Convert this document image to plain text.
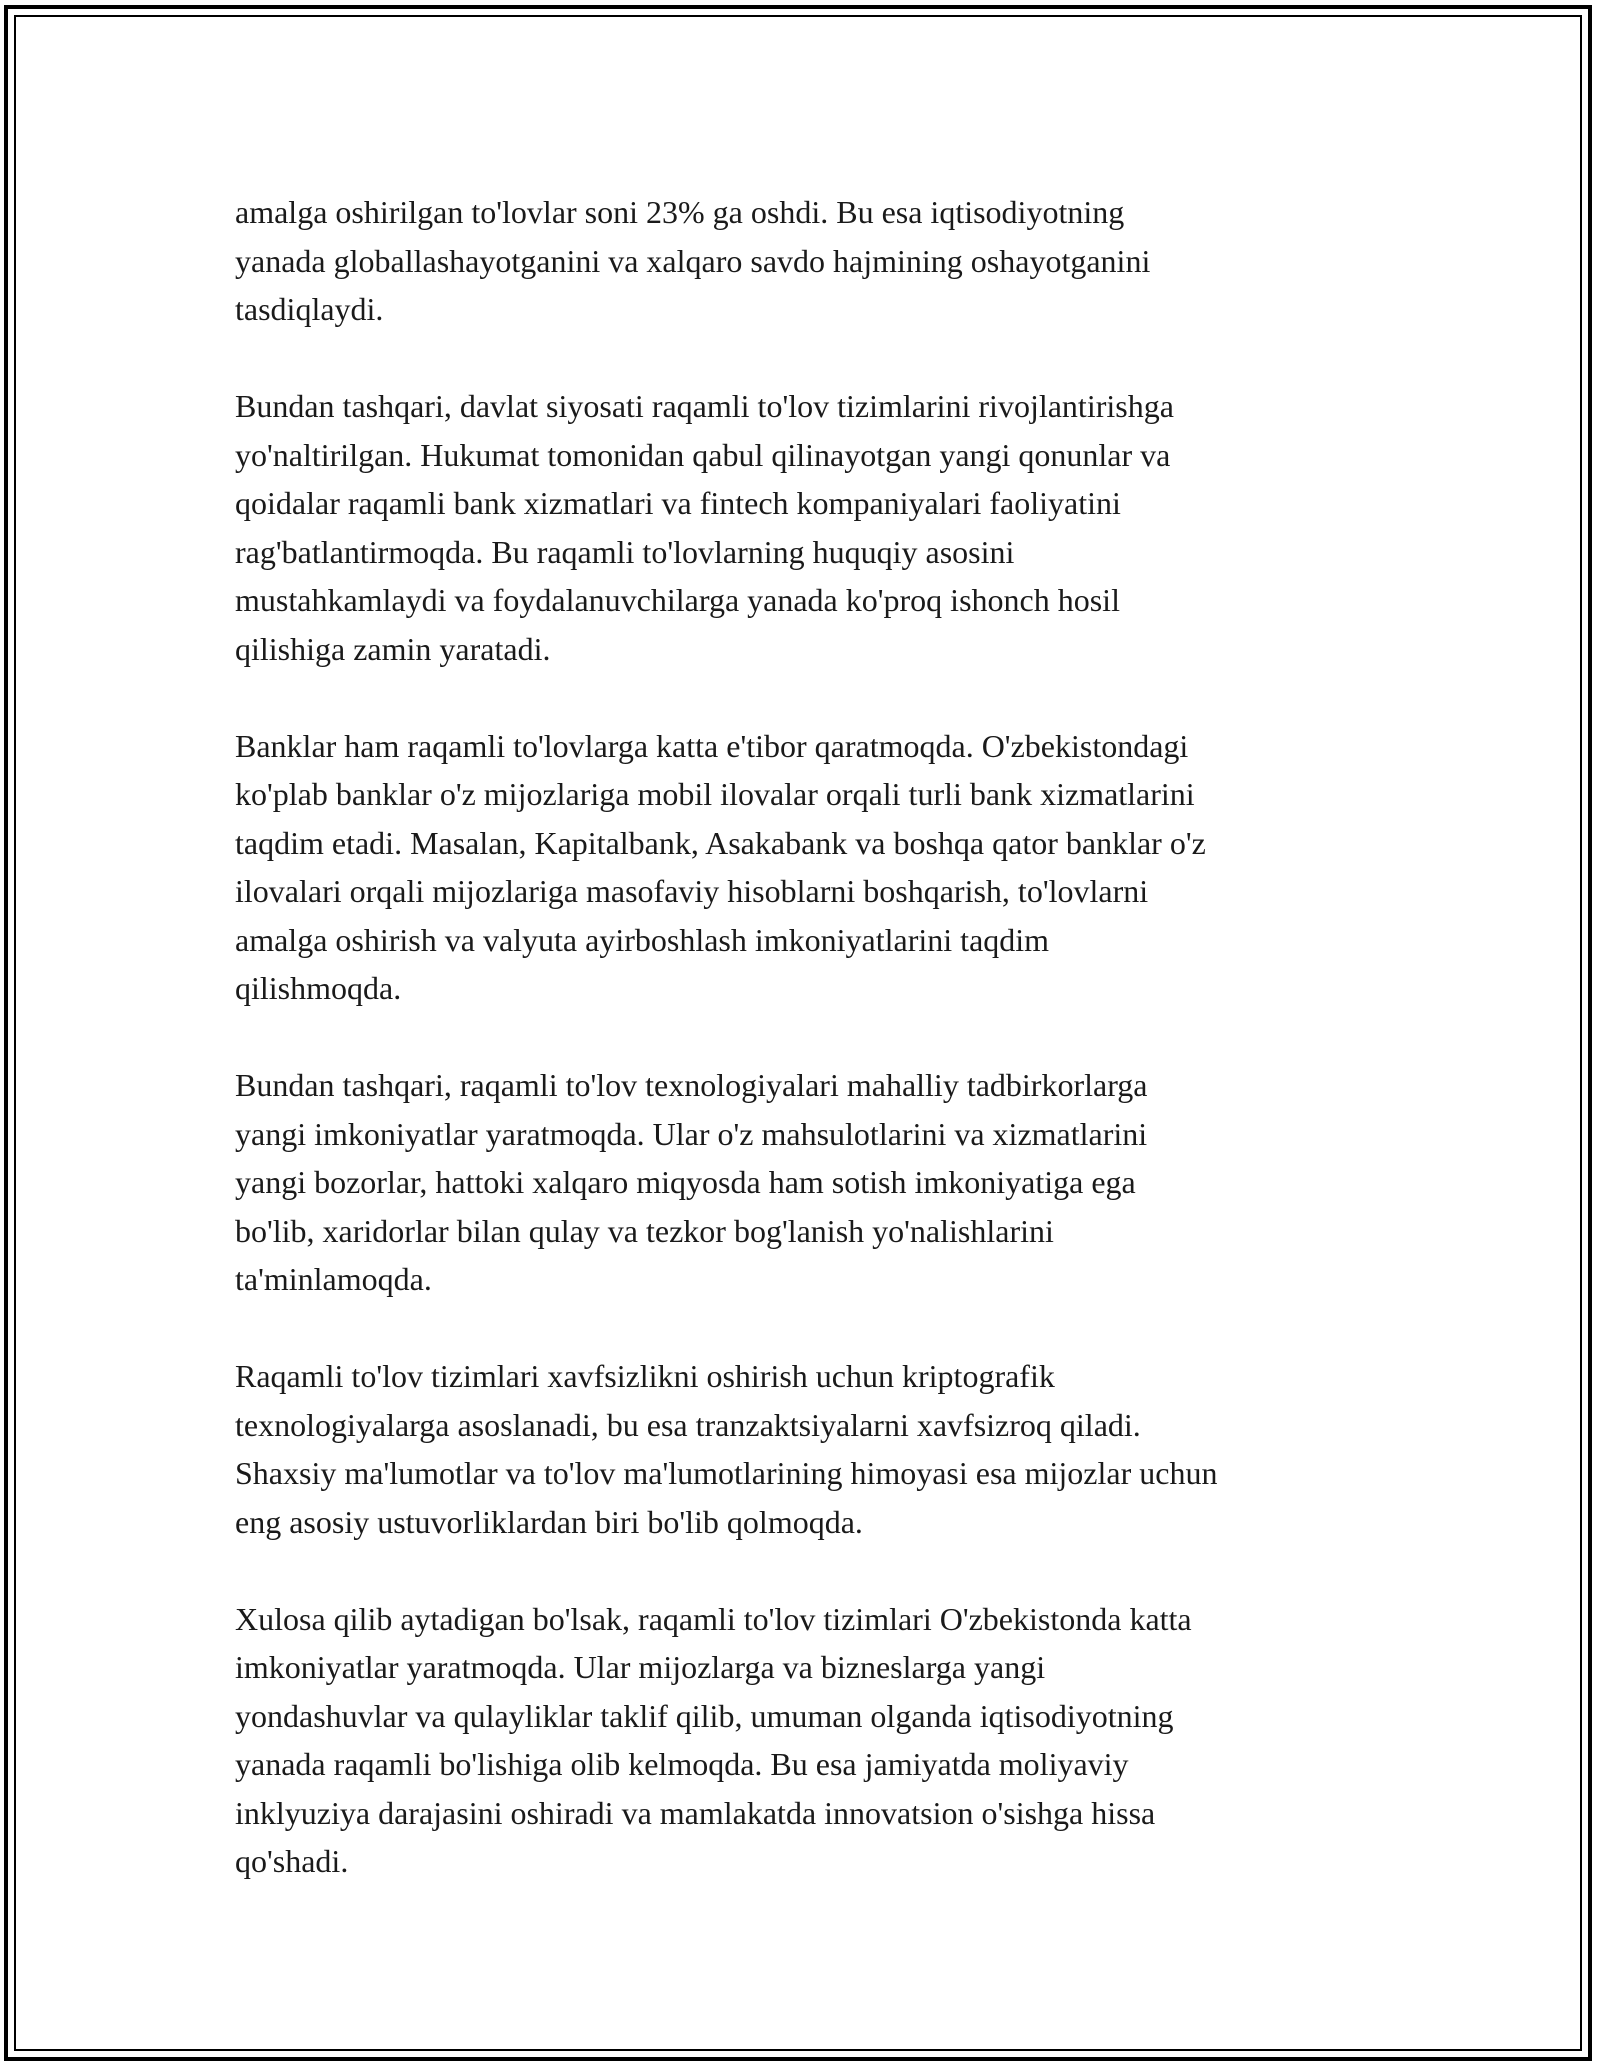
amalga oshirilgan to'lovlar soni 23% ga oshdi. Bu esa iqtisodiyotning
yanada globallashayotganini va xalqaro savdo hajmining oshayotganini
tasdiqlaydi.

Bundan tashqari, davlat siyosati raqamli to'lov tizimlarini rivojlantirishga
yo'naltirilgan. Hukumat tomonidan qabul qilinayotgan yangi qonunlar va
qoidalar raqamli bank xizmatlari va fintech kompaniyalari faoliyatini
rag'batlantirmoqda. Bu raqamli to'lovlarning huquqiy asosini
mustahkamlaydi va foydalanuvchilarga yanada ko'proq ishonch hosil
qilishiga zamin yaratadi.

Banklar ham raqamli to'lovlarga katta e'tibor qaratmoqda. O'zbekistondagi
ko'plab banklar o'z mijozlariga mobil ilovalar orqali turli bank xizmatlarini
taqdim etadi. Masalan, Kapitalbank, Asakabank va boshqa qator banklar o'z
ilovalari orqali mijozlariga masofaviy hisoblarni boshqarish, to'lovlarni
amalga oshirish va valyuta ayirboshlash imkoniyatlarini taqdim
qilishmoqda.

Bundan tashqari, raqamli to'lov texnologiyalari mahalliy tadbirkorlarga
yangi imkoniyatlar yaratmoqda. Ular o'z mahsulotlarini va xizmatlarini
yangi bozorlar, hattoki xalqaro miqyosda ham sotish imkoniyatiga ega
bo'lib, xaridorlar bilan qulay va tezkor bog'lanish yo'nalishlarini
ta'minlamoqda.

Raqamli to'lov tizimlari xavfsizlikni oshirish uchun kriptografik
texnologiyalarga asoslanadi, bu esa tranzaktsiyalarni xavfsizroq qiladi.
Shaxsiy ma'lumotlar va to'lov ma'lumotlarining himoyasi esa mijozlar uchun
eng asosiy ustuvorliklardan biri bo'lib qolmoqda.

Xulosa qilib aytadigan bo'lsak, raqamli to'lov tizimlari O'zbekistonda katta
imkoniyatlar yaratmoqda. Ular mijozlarga va bizneslarga yangi
yondashuvlar va qulayliklar taklif qilib, umuman olganda iqtisodiyotning
yanada raqamli bo'lishiga olib kelmoqda. Bu esa jamiyatda moliyaviy
inklyuziya darajasini oshiradi va mamlakatda innovatsion o'sishga hissa
qo'shadi.
